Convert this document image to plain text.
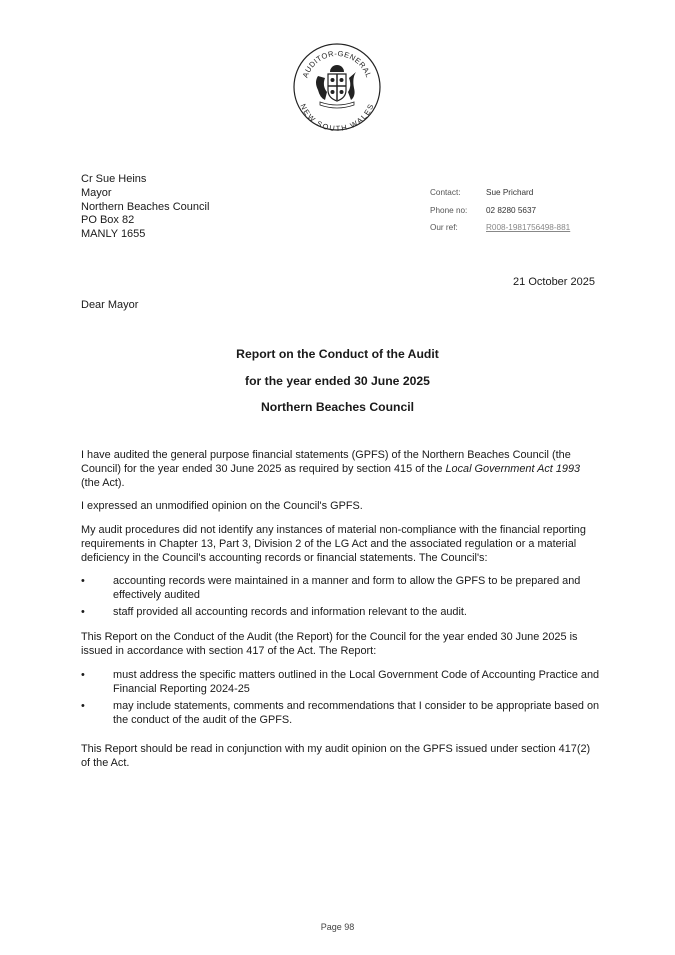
AUDITOR-GENERAL
NEW SOUTH WALES
Cr Sue Heins
Mayor
Northern Beaches Council
PO Box 82
MANLY 1655
Contact:	Sue Prichard
Phone no:	02 8280 5637
Our ref:	R008-1981756498-881
21 October 2025
Dear Mayor
Report on the Conduct of the Audit
for the year ended 30 June 2025
Northern Beaches Council

I have audited the general purpose financial statements (GPFS) of the Northern Beaches Council (the Council) for the year ended 30 June 2025 as required by section 415 of the Local Government Act 1993 (the Act).

I expressed an unmodified opinion on the Council's GPFS.

My audit procedures did not identify any instances of material non-compliance with the financial reporting requirements in Chapter 13, Part 3, Division 2 of the LG Act and the associated regulation or a material deficiency in the Council's accounting records or financial statements. The Council's:

•	accounting records were maintained in a manner and form to allow the GPFS to be prepared and effectively audited
•	staff provided all accounting records and information relevant to the audit.

This Report on the Conduct of the Audit (the Report) for the Council for the year ended 30 June 2025 is issued in accordance with section 417 of the Act. The Report:

•	must address the specific matters outlined in the Local Government Code of Accounting Practice and Financial Reporting 2024-25
•	may include statements, comments and recommendations that I consider to be appropriate based on the conduct of the audit of the GPFS.

This Report should be read in conjunction with my audit opinion on the GPFS issued under section 417(2) of the Act.

Page 98
